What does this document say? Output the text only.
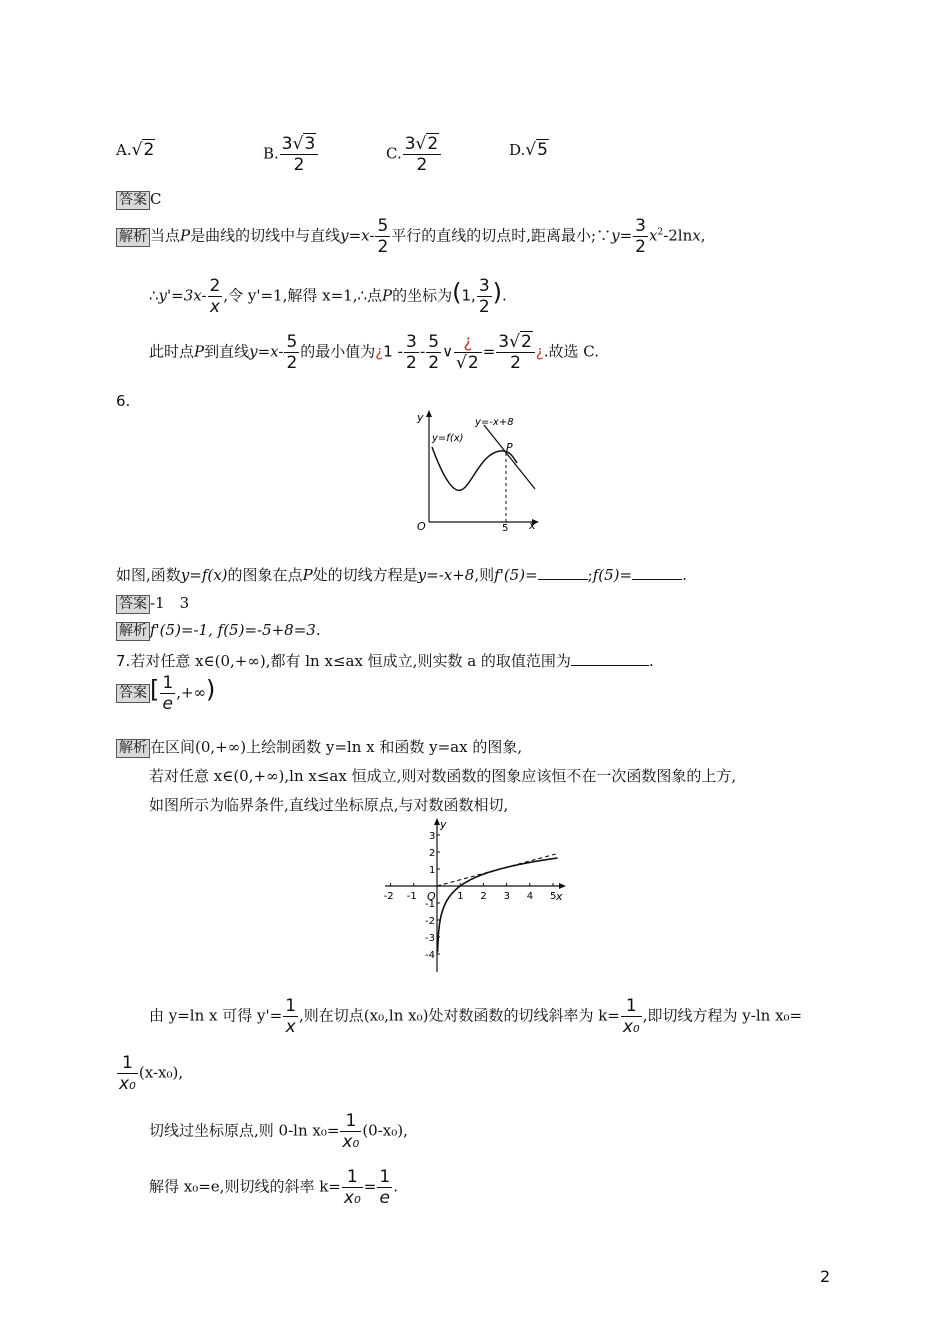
A.√2	B. $\frac{3√3}{2}$	C. $\frac{3√2}{2}$	D.√5
答案 C
解析 当点P是曲线的切线中与直线$y=x- \frac{5}{2}$ 平行的直线的切点时,距离最小;∵y= $\frac{3}{2} x^2-2\ln x$,
∴y'=3x- $\frac{2}{x}$ ,令 y'=1,解得 x=1,∴点P的坐标为(1, $\frac{3}{2}$ ).
此时点P到直线$y=x- \frac{5}{2}$ 的最小值为¿$1 - \frac{3}{2} - \frac{5}{2}$ ∨ $\frac{¿}{√2} = \frac{3√2}{2}$ ¿.故选 C.
6.
y
x
O	5
y=f(x)
y=-x+8
P
如图,函数y=f(x)的图象在点P处的切线方程是y=-x+8,则f'(5)=	;f(5)=	.
答案 -1　3
解析 f'(5)=-1, f(5)=-5+8=3.
7.若对任意 x∈(0,+∞),都有 ln x≤ax 恒成立,则实数 a 的取值范围为	.
答案 [ $\frac{1}{e}$ ,+∞)
解析 在区间(0,+∞)上绘制函数 y=ln x 和函数 y=ax 的图象,
若对任意 x∈(0,+∞),ln x≤ax 恒成立,则对数函数的图象应该恒不在一次函数图象的上方,
如图所示为临界条件,直线过坐标原点,与对数函数相切,
-2 -1	1 2 3 4 5
3
2
1
-1
-2
-3
-4
y
x
O
由 y=ln x 可得 $y'= \frac{1}{x}$ ,则在切点(x₀,ln x₀)处对数函数的切线斜率为 $k= \frac{1}{\text{x₀}}$ ,即切线方程为 y-ln x₀=
$\frac{1}{\text{x₀}} (x-x_0)$,
切线过坐标原点,则 0-ln $x_0= \frac{1}{\text{x₀}} (0-x_0)$,
解得 x₀=e,则切线的斜率 $k= \frac{1}{\text{x₀}} = \frac{1}{e}$ .
2
